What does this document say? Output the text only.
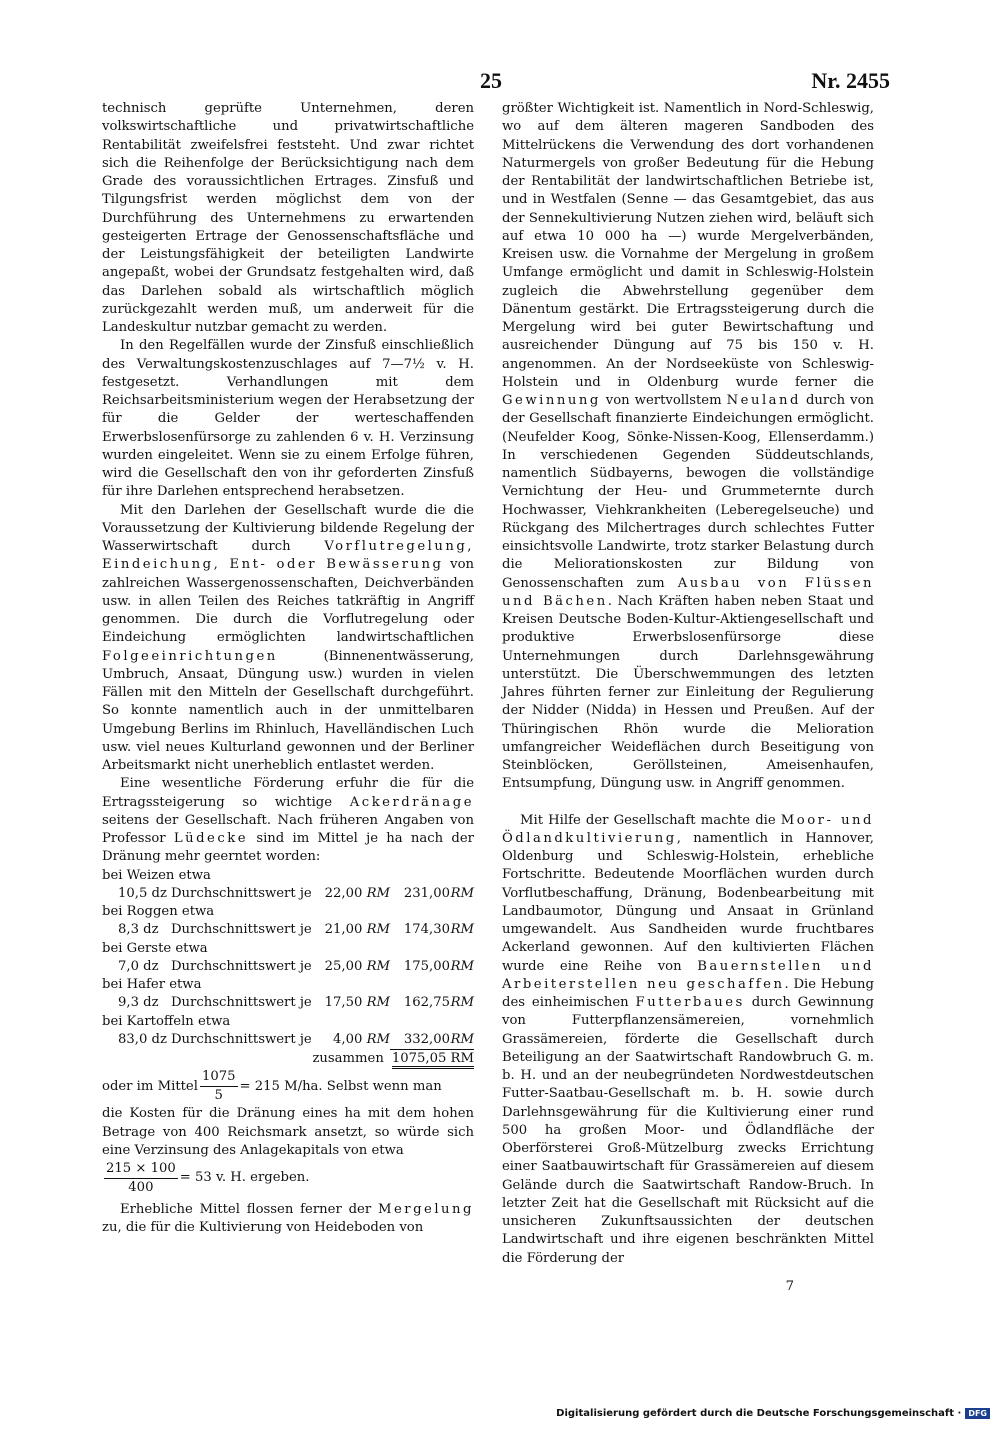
25	Nr. 2455

technisch geprüfte Unternehmen, deren volkswirtschaftliche und privatwirtschaftliche Rentabilität zweifelsfrei feststeht. Und zwar richtet sich die Reihenfolge der Berücksichtigung nach dem Grade des voraussichtlichen Ertrages. Zinsfuß und Tilgungsfrist werden möglichst dem von der Durchführung des Unternehmens zu erwartenden gesteigerten Ertrage der Genossenschaftsfläche und der Leistungsfähigkeit der beteiligten Landwirte angepaßt, wobei der Grundsatz festgehalten wird, daß das Darlehen sobald als wirtschaftlich möglich zurückgezahlt werden muß, um anderweit für die Landeskultur nutzbar gemacht zu werden.

In den Regelfällen wurde der Zinsfuß einschließlich des Verwaltungskostenzuschlages auf 7—7½ v. H. festgesetzt. Verhandlungen mit dem Reichsarbeitsministerium wegen der Herabsetzung der für die Gelder der werteschaffenden Erwerbslosenfürsorge zu zahlenden 6 v. H. Verzinsung wurden eingeleitet. Wenn sie zu einem Erfolge führen, wird die Gesellschaft den von ihr geforderten Zinsfuß für ihre Darlehen entsprechend herabsetzen.

Mit den Darlehen der Gesellschaft wurde die die Voraussetzung der Kultivierung bildende Regelung der Wasserwirtschaft durch Vorflutregelung, Eindeichung, Ent- oder Bewässerung von zahlreichen Wassergenossenschaften, Deichverbänden usw. in allen Teilen des Reiches tatkräftig in Angriff genommen. Die durch die Vorflutregelung oder Eindeichung ermöglichten landwirtschaftlichen Folgeeinrichtungen (Binnenentwässerung, Umbruch, Ansaat, Düngung usw.) wurden in vielen Fällen mit den Mitteln der Gesellschaft durchgeführt. So konnte namentlich auch in der unmittelbaren Umgebung Berlins im Rhinluch, Havelländischen Luch usw. viel neues Kulturland gewonnen und der Berliner Arbeitsmarkt nicht unerheblich entlastet werden.

Eine wesentliche Förderung erfuhr die für die Ertragssteigerung so wichtige Ackerdränage seitens der Gesellschaft. Nach früheren Angaben von Professor Lüdecke sind im Mittel je ha nach der Dränung mehr geerntet worden:

bei Weizen etwa				
10,5 dz	Durchschnittswert je	22,00 RM	231,00	RM
bei Roggen etwa				
8,3 dz	Durchschnittswert je	21,00 RM	174,30	RM
bei Gerste etwa				
7,0 dz	Durchschnittswert je	25,00 RM	175,00	RM
bei Hafer etwa				
9,3 dz	Durchschnittswert je	17,50 RM	162,75	RM
bei Kartoffeln etwa				
83,0 dz	Durchschnittswert je	4,00 RM	332,00	RM
zusammen 1075,05 RM
oder im Mittel $\frac{1075}{5} = 215$ M/ha. Selbst wenn man

die Kosten für die Dränung eines ha mit dem hohen Betrage von 400 Reichsmark ansetzt, so würde sich eine Verzinsung des Anlagekapitals von etwa

$\frac{215 \times 100}{400} = 53$ v. H. ergeben.

Erhebliche Mittel flossen ferner der Mergelung zu, die für die Kultivierung von Heideboden von

größter Wichtigkeit ist. Namentlich in Nord-Schleswig, wo auf dem älteren mageren Sandboden des Mittelrückens die Verwendung des dort vorhandenen Naturmergels von großer Bedeutung für die Hebung der Rentabilität der landwirtschaftlichen Betriebe ist, und in Westfalen (Senne — das Gesamtgebiet, das aus der Sennekultivierung Nutzen ziehen wird, beläuft sich auf etwa 10 000 ha —) wurde Mergelverbänden, Kreisen usw. die Vornahme der Mergelung in großem Umfange ermöglicht und damit in Schleswig-Holstein zugleich die Abwehrstellung gegenüber dem Dänentum gestärkt. Die Ertragssteigerung durch die Mergelung wird bei guter Bewirtschaftung und ausreichender Düngung auf 75 bis 150 v. H. angenommen. An der Nordseeküste von Schleswig-Holstein und in Oldenburg wurde ferner die Gewinnung von wertvollstem Neuland durch von der Gesellschaft finanzierte Eindeichungen ermöglicht. (Neufelder Koog, Sönke-Nissen-Koog, Ellenserdamm.) In verschiedenen Gegenden Süddeutschlands, namentlich Südbayerns, bewogen die vollständige Vernichtung der Heu- und Grummeternte durch Hochwasser, Viehkrankheiten (Leberegelseuche) und Rückgang des Milchertrages durch schlechtes Futter einsichtsvolle Landwirte, trotz starker Belastung durch die Meliorationskosten zur Bildung von Genossenschaften zum Ausbau von Flüssen und Bächen. Nach Kräften haben neben Staat und Kreisen Deutsche Boden-Kultur-Aktiengesellschaft und produktive Erwerbslosenfürsorge diese Unternehmungen durch Darlehnsgewährung unterstützt. Die Überschwemmungen des letzten Jahres führten ferner zur Einleitung der Regulierung der Nidder (Nidda) in Hessen und Preußen. Auf der Thüringischen Rhön wurde die Melioration umfangreicher Weideflächen durch Beseitigung von Steinblöcken, Geröllsteinen, Ameisenhaufen, Entsumpfung, Düngung usw. in Angriff genommen.

Mit Hilfe der Gesellschaft machte die Moor- und Ödlandkultivierung, namentlich in Hannover, Oldenburg und Schleswig-Holstein, erhebliche Fortschritte. Bedeutende Moorflächen wurden durch Vorflutbeschaffung, Dränung, Bodenbearbeitung mit Landbaumotor, Düngung und Ansaat in Grünland umgewandelt. Aus Sandheiden wurde fruchtbares Ackerland gewonnen. Auf den kultivierten Flächen wurde eine Reihe von Bauernstellen und Arbeiterstellen neu geschaffen. Die Hebung des einheimischen Futterbaues durch Gewinnung von Futterpflanzensämereien, vornehmlich Grassämereien, förderte die Gesellschaft durch Beteiligung an der Saatwirtschaft Randowbruch G. m. b. H. und an der neubegründeten Nordwestdeutschen Futter-Saatbau-Gesellschaft m. b. H. sowie durch Darlehnsgewährung für die Kultivierung einer rund 500 ha großen Moor- und Ödlandfläche der Oberförsterei Groß-Mützelburg zwecks Errichtung einer Saatbauwirtschaft für Grassämereien auf diesem Gelände durch die Saatwirtschaft Randow-Bruch. In letzter Zeit hat die Gesellschaft mit Rücksicht auf die unsicheren Zukunftsaussichten der deutschen Landwirtschaft und ihre eigenen beschränkten Mittel die Förderung der

7
Digitalisierung gefördert durch die Deutsche Forschungsgemeinschaft · DFG
